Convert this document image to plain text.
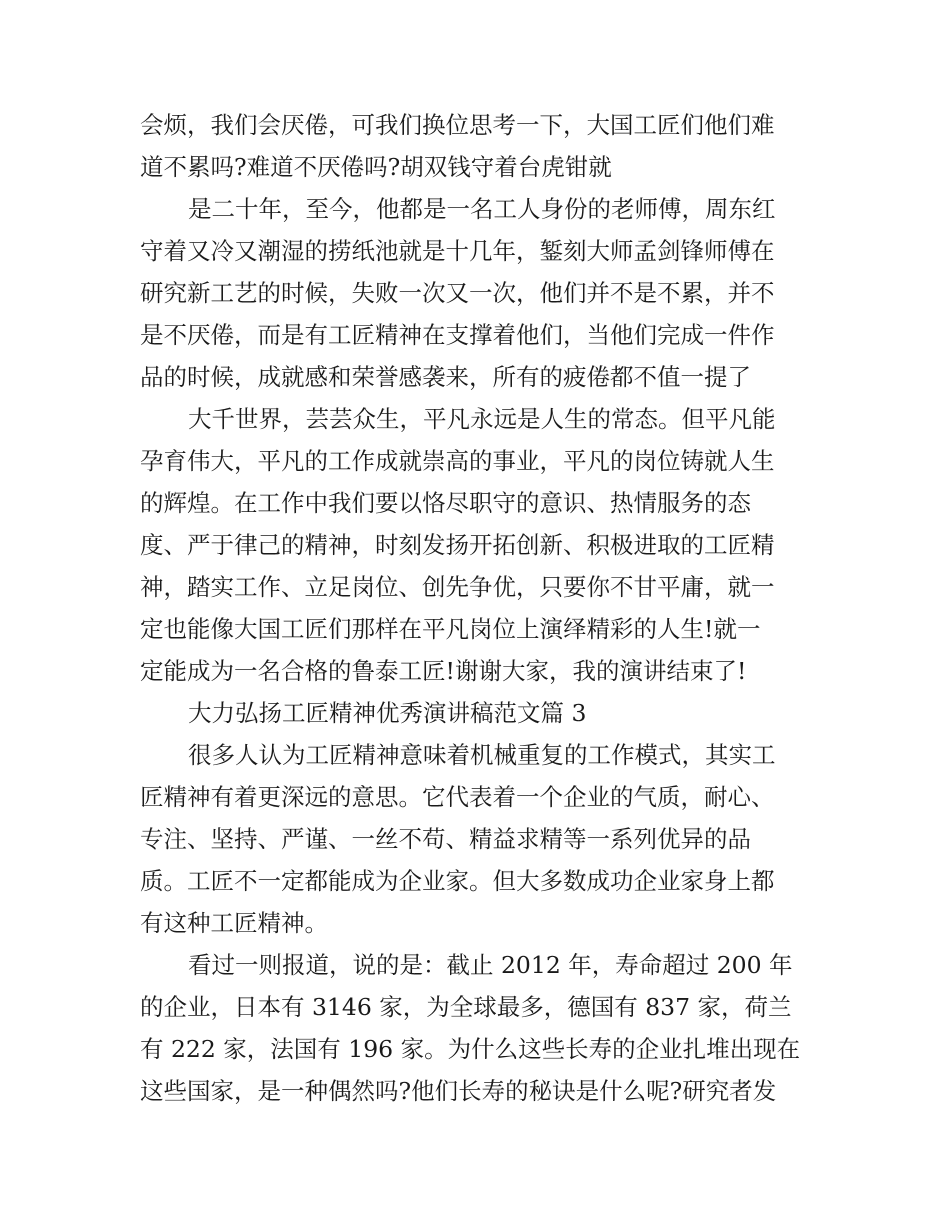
会烦，我们会厌倦，可我们换位思考一下，大国工匠们他们难

道不累吗?难道不厌倦吗?胡双钱守着台虎钳就

是二十年，至今，他都是一名工人身份的老师傅，周东红

守着又冷又潮湿的捞纸池就是十几年，錾刻大师孟剑锋师傅在

研究新工艺的时候，失败一次又一次，他们并不是不累，并不

是不厌倦，而是有工匠精神在支撑着他们，当他们完成一件作

品的时候，成就感和荣誉感袭来，所有的疲倦都不值一提了

大千世界，芸芸众生，平凡永远是人生的常态。但平凡能

孕育伟大，平凡的工作成就崇高的事业，平凡的岗位铸就人生

的辉煌。在工作中我们要以恪尽职守的意识、热情服务的态

度、严于律己的精神，时刻发扬开拓创新、积极进取的工匠精

神，踏实工作、立足岗位、创先争优，只要你不甘平庸，就一

定也能像大国工匠们那样在平凡岗位上演绎精彩的人生!就一

定能成为一名合格的鲁泰工匠!谢谢大家，我的演讲结束了!

大力弘扬工匠精神优秀演讲稿范文篇 3

很多人认为工匠精神意味着机械重复的工作模式，其实工

匠精神有着更深远的意思。它代表着一个企业的气质，耐心、

专注、坚持、严谨、一丝不苟、精益求精等一系列优异的品

质。工匠不一定都能成为企业家。但大多数成功企业家身上都

有这种工匠精神。

看过一则报道，说的是：截止 2012 年，寿命超过 200 年

的企业，日本有 3146 家，为全球最多，德国有 837 家，荷兰

有 222 家，法国有 196 家。为什么这些长寿的企业扎堆出现在

这些国家，是一种偶然吗?他们长寿的秘诀是什么呢?研究者发
